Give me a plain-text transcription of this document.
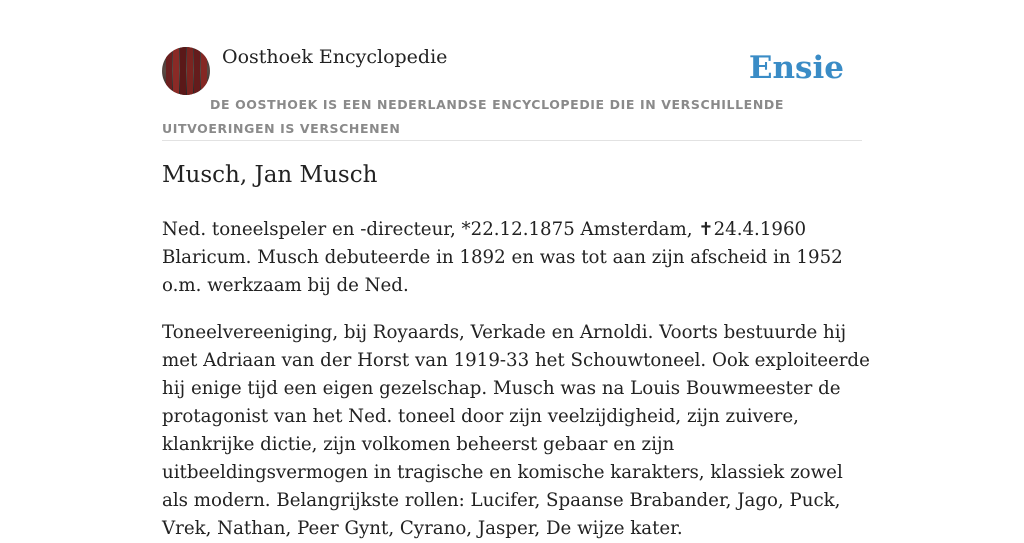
Oosthoek Encyclopedie	Ensie
DE OOSTHOEK IS EEN NEDERLANDSE ENCYCLOPEDIE DIE IN VERSCHILLENDE UITVOERINGEN IS VERSCHENEN
Musch, Jan Musch

Ned. toneelspeler en -directeur, *22.12.1875 Amsterdam, ✝24.4.1960 Blaricum. Musch debuteerde in 1892 en was tot aan zijn afscheid in 1952 o.m. werkzaam bij de Ned.

Toneelvereeniging, bij Royaards, Verkade en Arnoldi. Voorts bestuurde hij met Adriaan van der Horst van 1919-33 het Schouwtoneel. Ook exploiteerde hij enige tijd een eigen gezelschap. Musch was na Louis Bouwmeester de protagonist van het Ned. toneel door zijn veelzijdigheid, zijn zuivere, klankrijke dictie, zijn volkomen beheerst gebaar en zijn uitbeeldingsvermogen in tragische en komische karakters, klassiek zowel als modern. Belangrijkste rollen: Lucifer, Spaanse Brabander, Jago, Puck, Vrek, Nathan, Peer Gynt, Cyrano, Jasper, De wijze kater.
